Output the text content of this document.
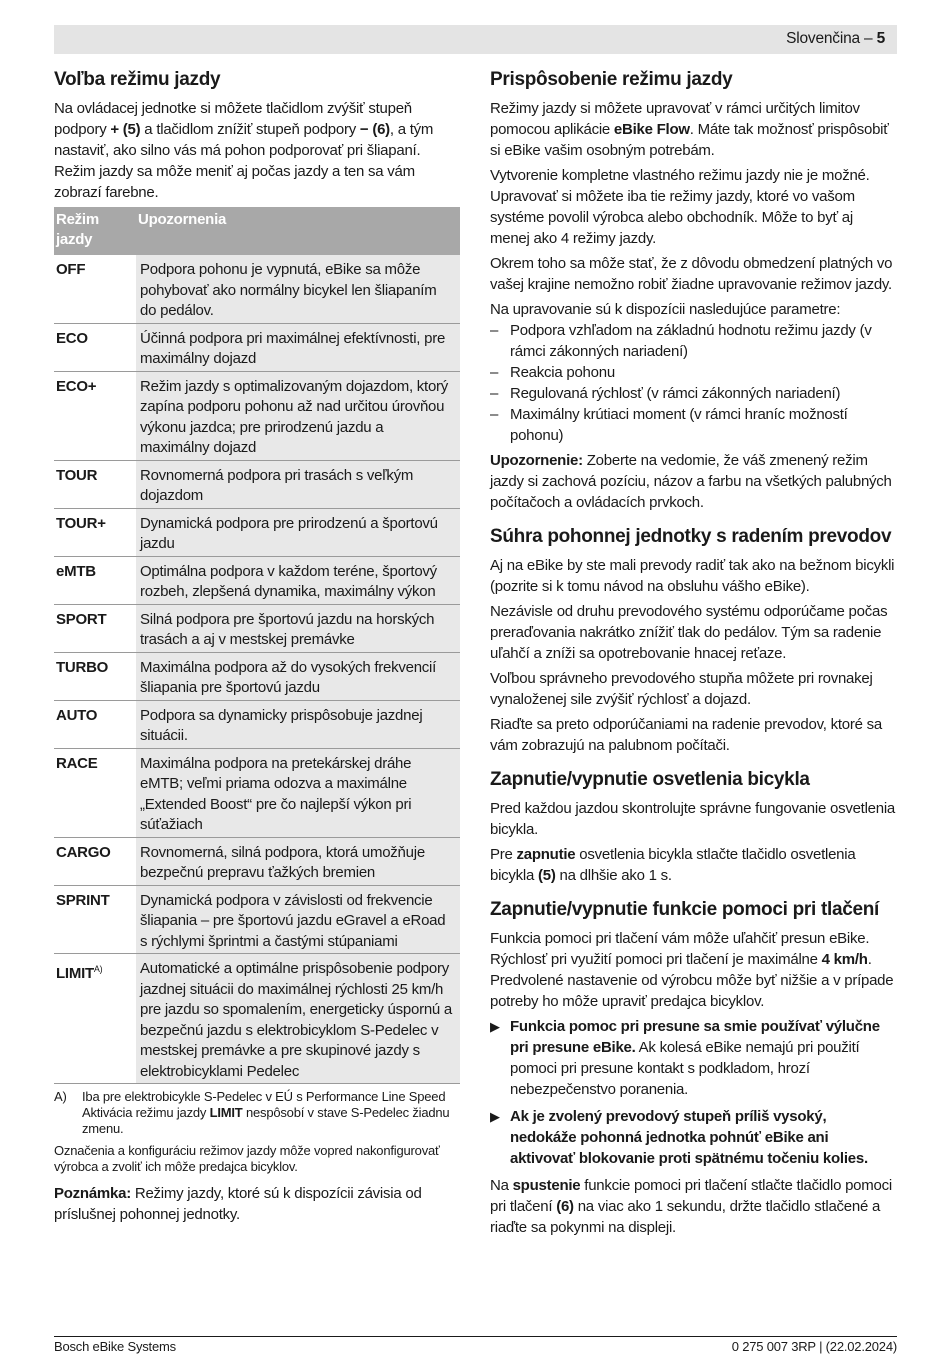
Slovenčina – 5
Voľba režimu jazdy

Na ovládacej jednotke si môžete tlačidlom zvýšiť stupeň podpory + (5) a tlačidlom znížiť stupeň podpory − (6), a tým nastaviť, ako silno vás má pohon podporovať pri šliapaní. Režim jazdy sa môže meniť aj počas jazdy a ten sa vám zobrazí farebne.

Režim jazdy	Upozornenia
OFF	Podpora pohonu je vypnutá, eBike sa môže pohybovať ako normálny bicykel len šliapaním do pedálov.
ECO	Účinná podpora pri maximálnej efektívnosti, pre maximálny dojazd
ECO+	Režim jazdy s optimalizovaným dojazdom, ktorý zapína podporu pohonu až nad určitou úrovňou výkonu jazdca; pre prirodzenú jazdu a maximálny dojazd
TOUR	Rovnomerná podpora pri trasách s veľkým dojazdom
TOUR+	Dynamická podpora pre prirodzenú a športovú jazdu
eMTB	Optimálna podpora v každom teréne, športový rozbeh, zlepšená dynamika, maximálny výkon
SPORT	Silná podpora pre športovú jazdu na horských trasách a aj v mestskej premávke
TURBO	Maximálna podpora až do vysokých frekvencií šliapania pre športovú jazdu
AUTO	Podpora sa dynamicky prispôsobuje jazdnej situácii.
RACE	Maximálna podpora na pretekárskej dráhe eMTB; veľmi priama odozva a maximálne „Extended Boost“ pre čo najlepší výkon pri súťažiach
CARGO	Rovnomerná, silná podpora, ktorá umožňuje bezpečnú prepravu ťažkých bremien
SPRINT	Dynamická podpora v závislosti od frekvencie šliapania – pre športovú jazdu eGravel a eRoad s rýchlymi šprintmi a častými stúpaniami
$LIMIT^{A)}$	Automatické a optimálne prispôsobenie podpory jazdnej situácii do maximálnej rýchlosti 25 km/h pre jazdu so spomalením, energeticky úspornú a bezpečnú jazdu s elektrobicyklom S-Pedelec v mestskej premávke a pre skupinové jazdy s elektrobicyklami Pedelec
A)	Iba pre elektrobicykle S-Pedelec v EÚ s Performance Line Speed Aktivácia režimu jazdy LIMIT nespôsobí v stave S-Pedelec žiadnu zmenu.
Označenia a konfiguráciu režimov jazdy môže vopred nakonfigurovať výrobca a zvoliť ich môže predajca bicyklov.

Poznámka: Režimy jazdy, ktoré sú k dispozícii závisia od príslušnej pohonnej jednotky.

Prispôsobenie režimu jazdy

Režimy jazdy si môžete upravovať v rámci určitých limitov pomocou aplikácie eBike Flow. Máte tak možnosť prispôsobiť si eBike vašim osobným potrebám.

Vytvorenie kompletne vlastného režimu jazdy nie je možné. Upravovať si môžete iba tie režimy jazdy, ktoré vo vašom systéme povolil výrobca alebo obchodník. Môže to byť aj menej ako 4 režimy jazdy.

Okrem toho sa môže stať, že z dôvodu obmedzení platných vo vašej krajine nemožno robiť žiadne upravovanie režimov jazdy.

Na upravovanie sú k dispozícii nasledujúce parametre:

– Podpora vzhľadom na základnú hodnotu režimu jazdy (v rámci zákonných nariadení)
– Reakcia pohonu
– Regulovaná rýchlosť (v rámci zákonných nariadení)
– Maximálny krútiaci moment (v rámci hraníc možností pohonu)

Upozornenie: Zoberte na vedomie, že váš zmenený režim jazdy si zachová pozíciu, názov a farbu na všetkých palubných počítačoch a ovládacích prvkoch.

Súhra pohonnej jednotky s radením prevodov

Aj na eBike by ste mali prevody radiť tak ako na bežnom bicykli (pozrite si k tomu návod na obsluhu vášho eBike).

Nezávisle od druhu prevodového systému odporúčame počas preraďovania nakrátko znížiť tlak do pedálov. Tým sa radenie uľahčí a zníži sa opotrebovanie hnacej reťaze.

Voľbou správneho prevodového stupňa môžete pri rovnakej vynaloženej sile zvýšiť rýchlosť a dojazd.

Riaďte sa preto odporúčaniami na radenie prevodov, ktoré sa vám zobrazujú na palubnom počítači.

Zapnutie/vypnutie osvetlenia bicykla

Pred každou jazdou skontrolujte správne fungovanie osvetlenia bicykla.

Pre zapnutie osvetlenia bicykla stlačte tlačidlo osvetlenia bicykla (5) na dlhšie ako 1 s.

Zapnutie/vypnutie funkcie pomoci pri tlačení

Funkcia pomoci pri tlačení vám môže uľahčiť presun eBike. Rýchlosť pri využití pomoci pri tlačení je maximálne 4 km/h. Predvolené nastavenie od výrobcu môže byť nižšie a v prípade potreby ho môže upraviť predajca bicyklov.

▶ Funkcia pomoc pri presune sa smie používať výlučne pri presune eBike. Ak kolesá eBike nemajú pri použití pomoci pri presune kontakt s podkladom, hrozí nebezpečenstvo poranenia.
▶ Ak je zvolený prevodový stupeň príliš vysoký, nedokáže pohonná jednotka pohnúť eBike ani aktivovať blokovanie proti spätnému točeniu kolies.

Na spustenie funkcie pomoci pri tlačení stlačte tlačidlo pomoci pri tlačení (6) na viac ako 1 sekundu, držte tlačidlo stlačené a riaďte sa pokynmi na displeji.

Bosch eBike Systems	0 275 007 3RP | (22.02.2024)
